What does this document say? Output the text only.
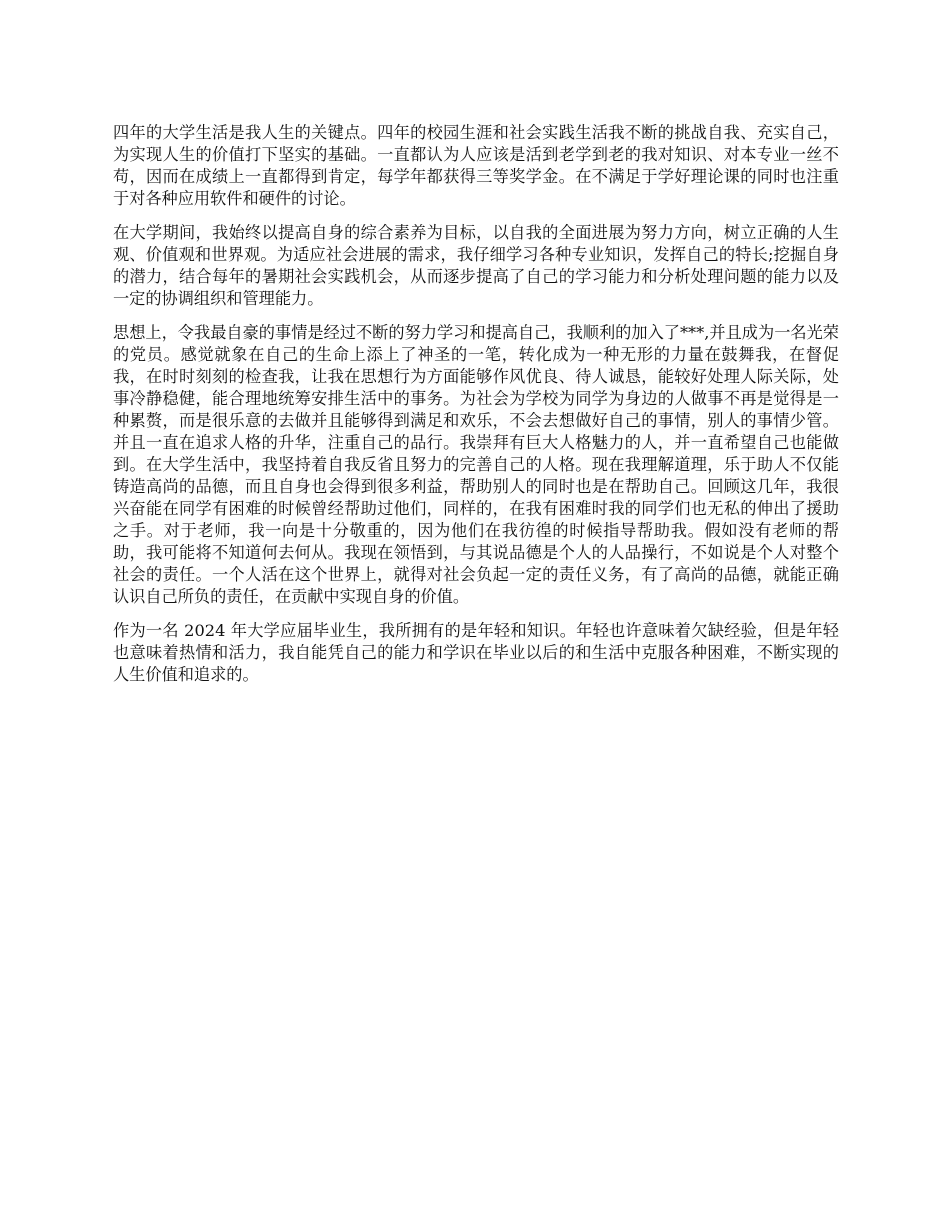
四年的大学生活是我人生的关键点。四年的校园生涯和社会实践生活我不断的挑战自我、充实自己，为实现人生的价值打下坚实的基础。一直都认为人应该是活到老学到老的我对知识、对本专业一丝不苟，因而在成绩上一直都得到肯定，每学年都获得三等奖学金。在不满足于学好理论课的同时也注重于对各种应用软件和硬件的讨论。

在大学期间，我始终以提高自身的综合素养为目标，以自我的全面进展为努力方向，树立正确的人生观、价值观和世界观。为适应社会进展的需求，我仔细学习各种专业知识，发挥自己的特长;挖掘自身的潜力，结合每年的暑期社会实践机会，从而逐步提高了自己的学习能力和分析处理问题的能力以及一定的协调组织和管理能力。

思想上，令我最自豪的事情是经过不断的努力学习和提高自己，我顺利的加入了***,并且成为一名光荣的党员。感觉就象在自己的生命上添上了神圣的一笔，转化成为一种无形的力量在鼓舞我，在督促我，在时时刻刻的检查我，让我在思想行为方面能够作风优良、待人诚恳，能较好处理人际关际，处事冷静稳健，能合理地统筹安排生活中的事务。为社会为学校为同学为身边的人做事不再是觉得是一种累赘，而是很乐意的去做并且能够得到满足和欢乐，不会去想做好自己的事情，别人的事情少管。并且一直在追求人格的升华，注重自己的品行。我崇拜有巨大人格魅力的人，并一直希望自己也能做到。在大学生活中，我坚持着自我反省且努力的完善自己的人格。现在我理解道理，乐于助人不仅能铸造高尚的品德，而且自身也会得到很多利益，帮助别人的同时也是在帮助自己。回顾这几年，我很兴奋能在同学有困难的时候曾经帮助过他们，同样的，在我有困难时我的同学们也无私的伸出了援助之手。对于老师，我一向是十分敬重的，因为他们在我彷徨的时候指导帮助我。假如没有老师的帮助，我可能将不知道何去何从。我现在领悟到，与其说品德是个人的人品操行，不如说是个人对整个社会的责任。一个人活在这个世界上，就得对社会负起一定的责任义务，有了高尚的品德，就能正确认识自己所负的责任，在贡献中实现自身的价值。

作为一名 2024 年大学应届毕业生，我所拥有的是年轻和知识。年轻也许意味着欠缺经验，但是年轻也意味着热情和活力，我自能凭自己的能力和学识在毕业以后的和生活中克服各种困难，不断实现的人生价值和追求的。
